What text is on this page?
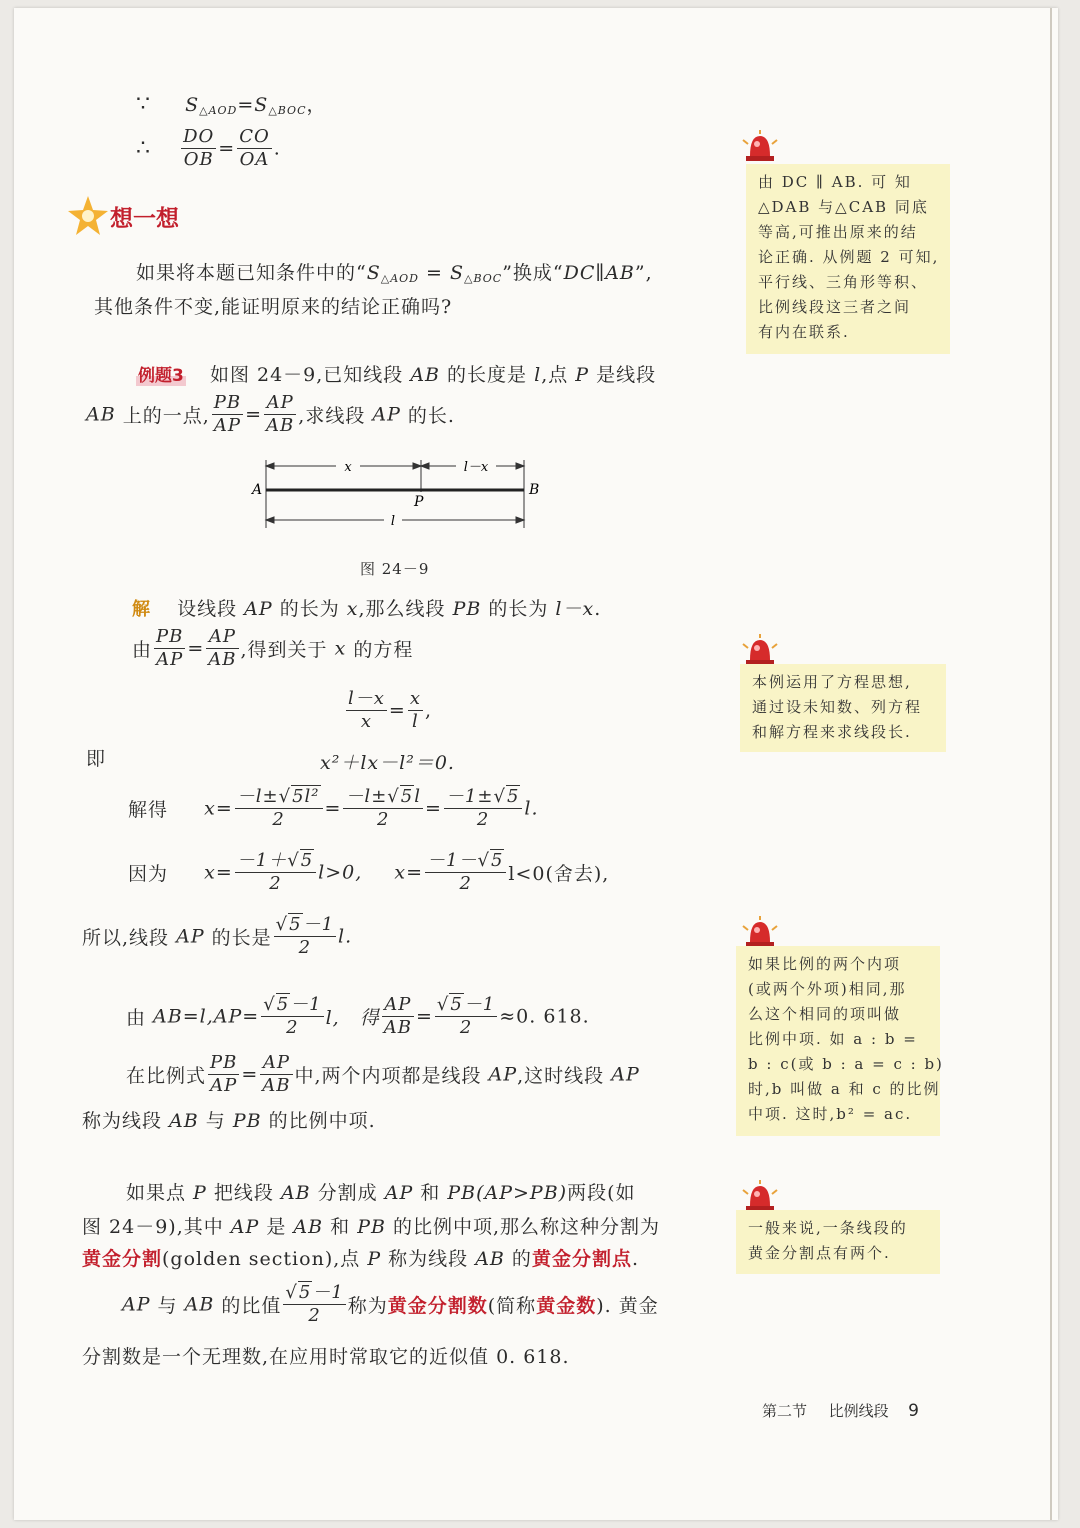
∵ $S_{\triangle AOD}=S_{\triangle BOC}$，
∴ $\frac{DO}{OB} = \frac{CO}{OA}$ .
想一想
如果将本题已知条件中的“$S_{\triangle AOD} = S_{\triangle BOC}$”换成“DC∥AB”,
其他条件不变,能证明原来的结论正确吗?
例题3 如图 24－9,已知线段 AB 的长度是 l,点 P 是线段
AB 上的一点, $\frac{PB}{AP} = \frac{AP}{AB}$ ,求线段 AP 的长.
x	l－x
l
A	B
P
图 24－9
解 设线段 AP 的长为 x,那么线段 PB 的长为 l－x.
由 $\frac{PB}{AP} = \frac{AP}{AB}$ ,得到关于 x 的方程
$\frac{l-x}{x} = \frac{x}{l}$ ,
即	x²＋lx－l²＝0.
解得 $x= \frac{\text{－l±√5l²}}{2} = \frac{-l\pm√5l}{2} = \frac{-1\pm√5}{2} l$.
因为 $x= \frac{-1+√5}{2} l>0$, $x= \frac{-1-√5}{2} l<0$(舍去),
所以,线段 AP 的长是 $\frac{√5-1}{2} l$.
由 $AB=l,AP= \frac{√5-1}{2} l$,　得 $\frac{AP}{AB} = \frac{√5-1}{2} \approx 0$. 618.
在比例式 $\frac{PB}{AP} = \frac{AP}{AB}$ 中,两个内项都是线段 AP,这时线段 AP
称为线段 AB 与 PB 的比例中项.
如果点 P 把线段 AB 分割成 AP 和 PB(AP>PB)两段(如
图 24－9),其中 AP 是 AB 和 PB 的比例中项,那么称这种分割为
黄金分割(golden section),点 P 称为线段 AB 的黄金分割点.
AP 与 AB 的比值 $\frac{√5-1}{2}$ 称为黄金分割数(简称黄金数). 黄金
分割数是一个无理数,在应用时常取它的近似值 0. 618.
由 DC ∥ AB. 可 知
△DAB 与△CAB 同底
等高,可推出原来的结
论正确. 从例题 2 可知,
平行线、三角形等积、
比例线段这三者之间
有内在联系.
本例运用了方程思想,
通过设未知数、列方程
和解方程来求线段长.
如果比例的两个内项
(或两个外项)相同,那
么这个相同的项叫做
比例中项. 如 a : b =
b : c(或 b : a = c : b)
时,b 叫做 a 和 c 的比例
中项. 这时,b² = ac.
一般来说,一条线段的
黄金分割点有两个.
第二节 比例线段 9
